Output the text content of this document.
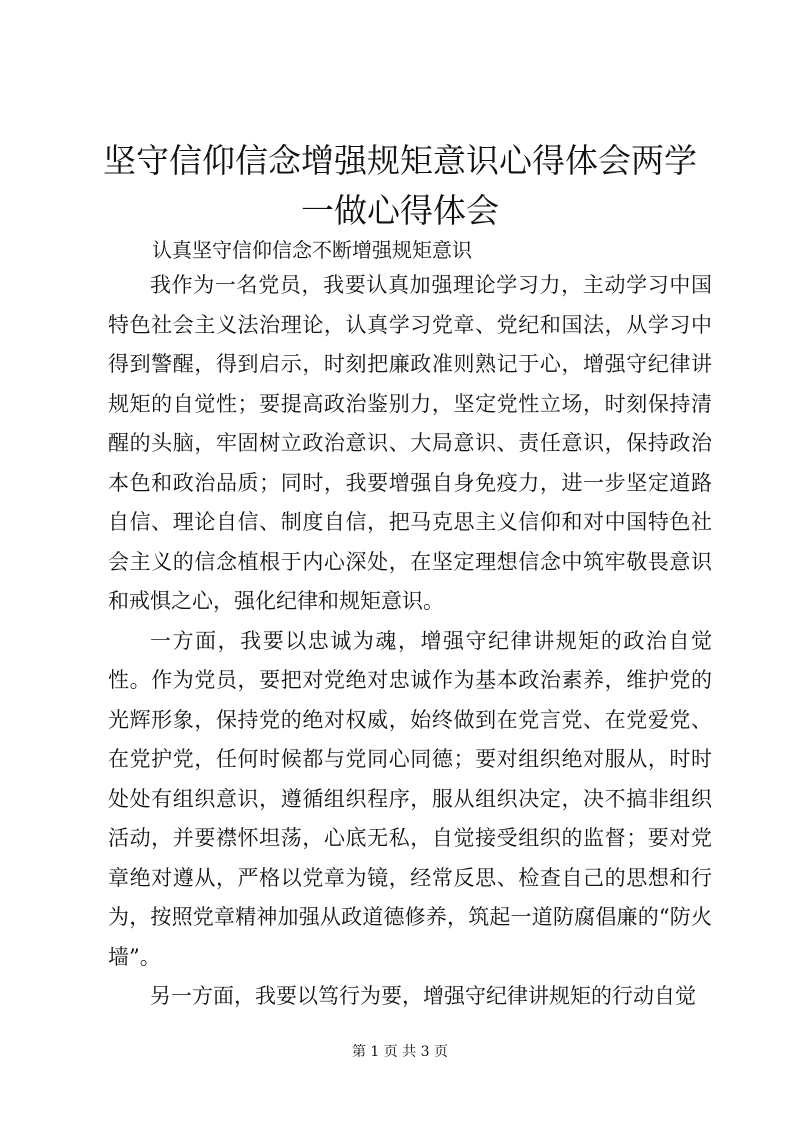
坚守信仰信念增强规矩意识心得体会两学一做心得体会
认真坚守信仰信念不断增强规矩意识

我作为一名党员，我要认真加强理论学习力，主动学习中国特色社会主义法治理论，认真学习党章、党纪和国法，从学习中得到警醒，得到启示，时刻把廉政准则熟记于心，增强守纪律讲规矩的自觉性；要提高政治鉴别力，坚定党性立场，时刻保持清醒的头脑，牢固树立政治意识、大局意识、责任意识，保持政治本色和政治品质；同时，我要增强自身免疫力，进一步坚定道路自信、理论自信、制度自信，把马克思主义信仰和对中国特色社会主义的信念植根于内心深处，在坚定理想信念中筑牢敬畏意识和戒惧之心，强化纪律和规矩意识。

一方面，我要以忠诚为魂，增强守纪律讲规矩的政治自觉性。作为党员，要把对党绝对忠诚作为基本政治素养，维护党的光辉形象，保持党的绝对权威，始终做到在党言党、在党爱党、在党护党，任何时候都与党同心同德；要对组织绝对服从，时时处处有组织意识，遵循组织程序，服从组织决定，决不搞非组织活动，并要襟怀坦荡，心底无私，自觉接受组织的监督；要对党章绝对遵从，严格以党章为镜，经常反思、检查自己的思想和行为，按照党章精神加强从政道德修养，筑起一道防腐倡廉的“防火墙”。

另一方面，我要以笃行为要，增强守纪律讲规矩的行动自觉

第 1 页 共 3 页
